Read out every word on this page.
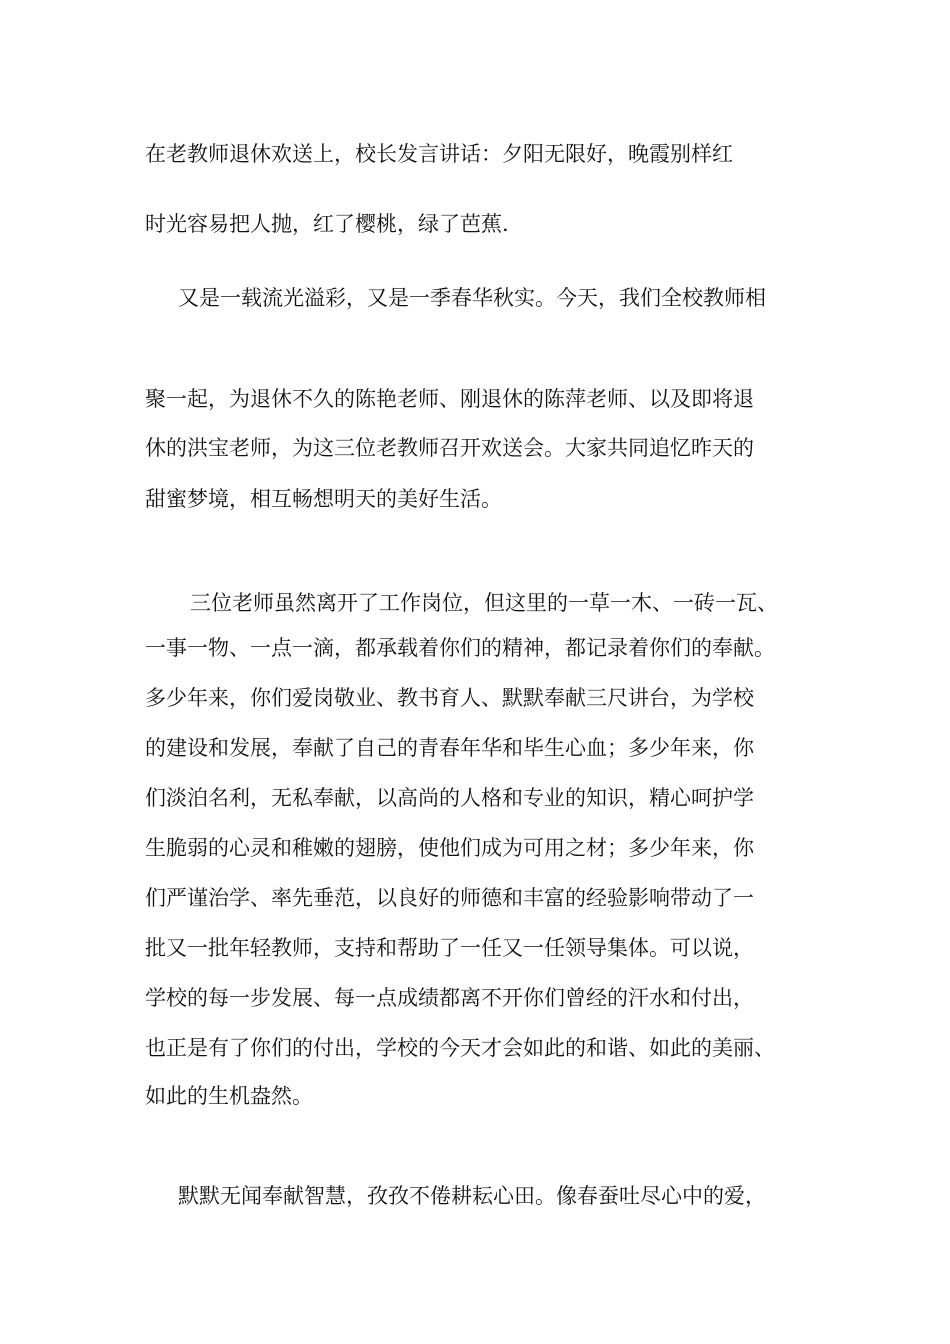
在老教师退休欢送上，校长发言讲话：夕阳无限好，晚霞别样红
时光容易把人抛，红了樱桃，绿了芭蕉.
又是一载流光溢彩，又是一季春华秋实。今天，我们全校教师相
聚一起，为退休不久的陈艳老师、刚退休的陈萍老师、以及即将退
休的洪宝老师，为这三位老教师召开欢送会。大家共同追忆昨天的
甜蜜梦境，相互畅想明天的美好生活。
三位老师虽然离开了工作岗位，但这里的一草一木、一砖一瓦、
一事一物、一点一滴，都承载着你们的精神，都记录着你们的奉献。
多少年来，你们爱岗敬业、教书育人、默默奉献三尺讲台，为学校
的建设和发展，奉献了自己的青春年华和毕生心血；多少年来，你
们淡泊名利，无私奉献，以高尚的人格和专业的知识，精心呵护学
生脆弱的心灵和稚嫩的翅膀，使他们成为可用之材；多少年来，你
们严谨治学、率先垂范，以良好的师德和丰富的经验影响带动了一
批又一批年轻教师，支持和帮助了一任又一任领导集体。可以说，
学校的每一步发展、每一点成绩都离不开你们曾经的汗水和付出，
也正是有了你们的付出，学校的今天才会如此的和谐、如此的美丽、
如此的生机盎然。
默默无闻奉献智慧，孜孜不倦耕耘心田。像春蚕吐尽心中的爱，
